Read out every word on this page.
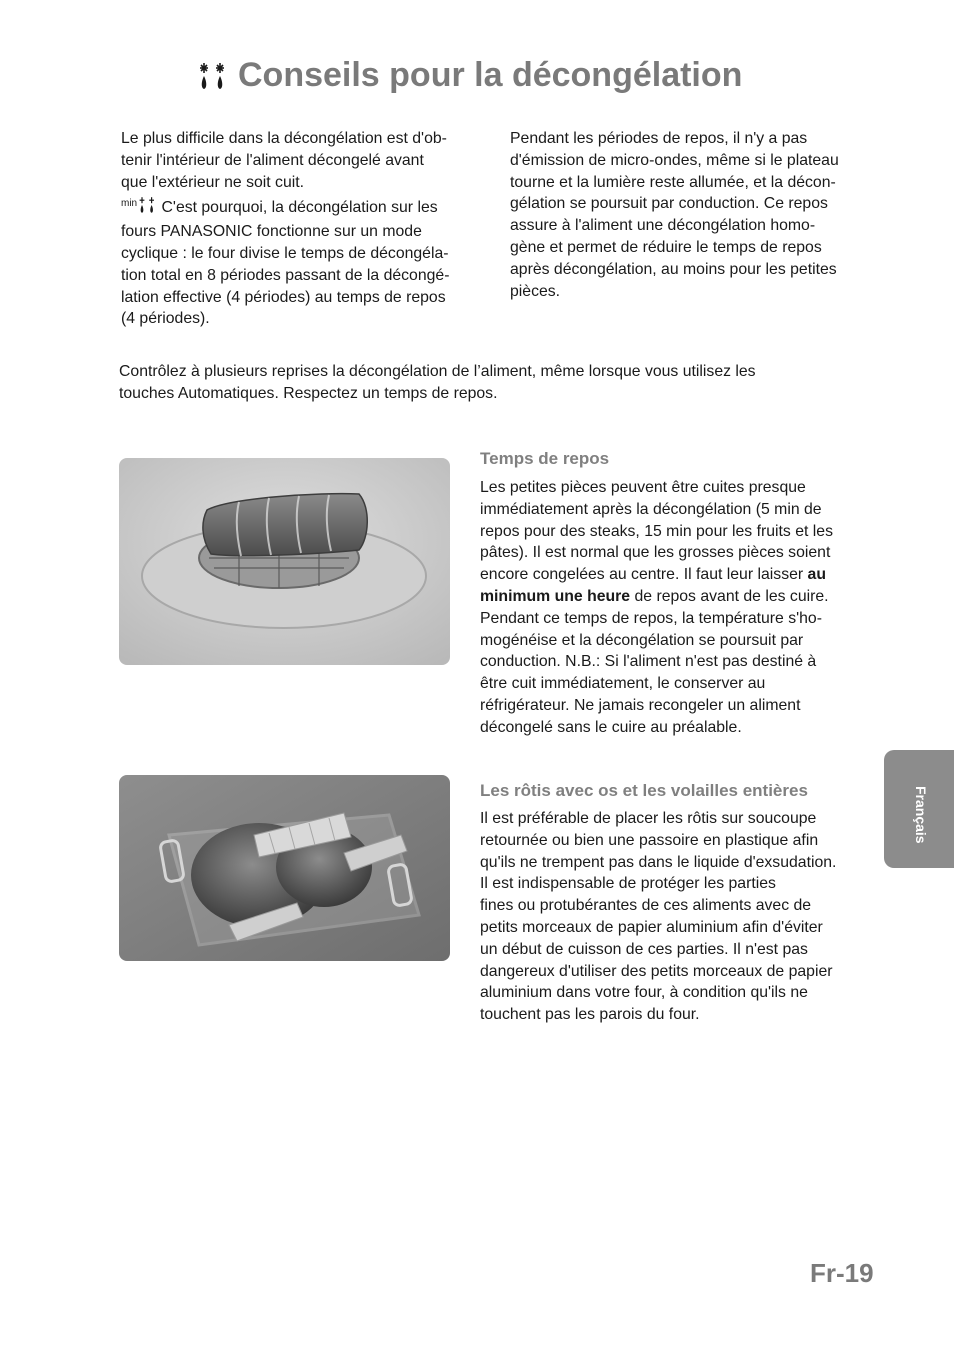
Conseils pour la décongélation
Le plus difficile dans la décongélation est d'ob-
tenir l'intérieur de l'aliment décongelé avant
que l'extérieur ne soit cuit.
$^{min}$ C'est pourquoi, la décongélation sur les
fours PANASONIC fonctionne sur un mode
cyclique : le four divise le temps de décongéla-
tion total en 8 périodes passant de la décongé-
lation effective (4 périodes) au temps de repos
(4 périodes).
Pendant les périodes de repos, il n'y a pas
d'émission de micro-ondes, même si le plateau
tourne et la lumière reste allumée, et la décon-
gélation se poursuit par conduction. Ce repos
assure à l'aliment une décongélation homo-
gène et permet de réduire le temps de repos
après décongélation, au moins pour les petites
pièces.
Contrôlez à plusieurs reprises la décongélation de l’aliment, même lorsque vous utilisez les
touches Automatiques. Respectez un temps de repos.
Temps de repos
Les petites pièces peuvent être cuites presque
immédiatement après la décongélation (5 min de
repos pour des steaks, 15 min pour les fruits et les
pâtes). Il est normal que les grosses pièces soient
encore congelées au centre. Il faut leur laisser au
minimum une heure de repos avant de les cuire.
Pendant ce temps de repos, la température s'ho-
mogénéise et la décongélation se poursuit par
conduction. N.B.: Si l'aliment n'est pas destiné à
être cuit immédiatement, le conserver au
réfrigérateur. Ne jamais recongeler un aliment
décongelé sans le cuire au préalable.
Les rôtis avec os et les volailles entières
Il est préférable de placer les rôtis sur soucoupe
retournée ou bien une passoire en plastique afin
qu'ils ne trempent pas dans le liquide d'exsudation.
Il est indispensable de protéger les parties
fines ou protubérantes de ces aliments avec de
petits morceaux de papier aluminium afin d'éviter
un début de cuisson de ces parties. Il n'est pas
dangereux d'utiliser des petits morceaux de papier
aluminium dans votre four, à condition qu'ils ne
touchent pas les parois du four.
Français
Fr-19
